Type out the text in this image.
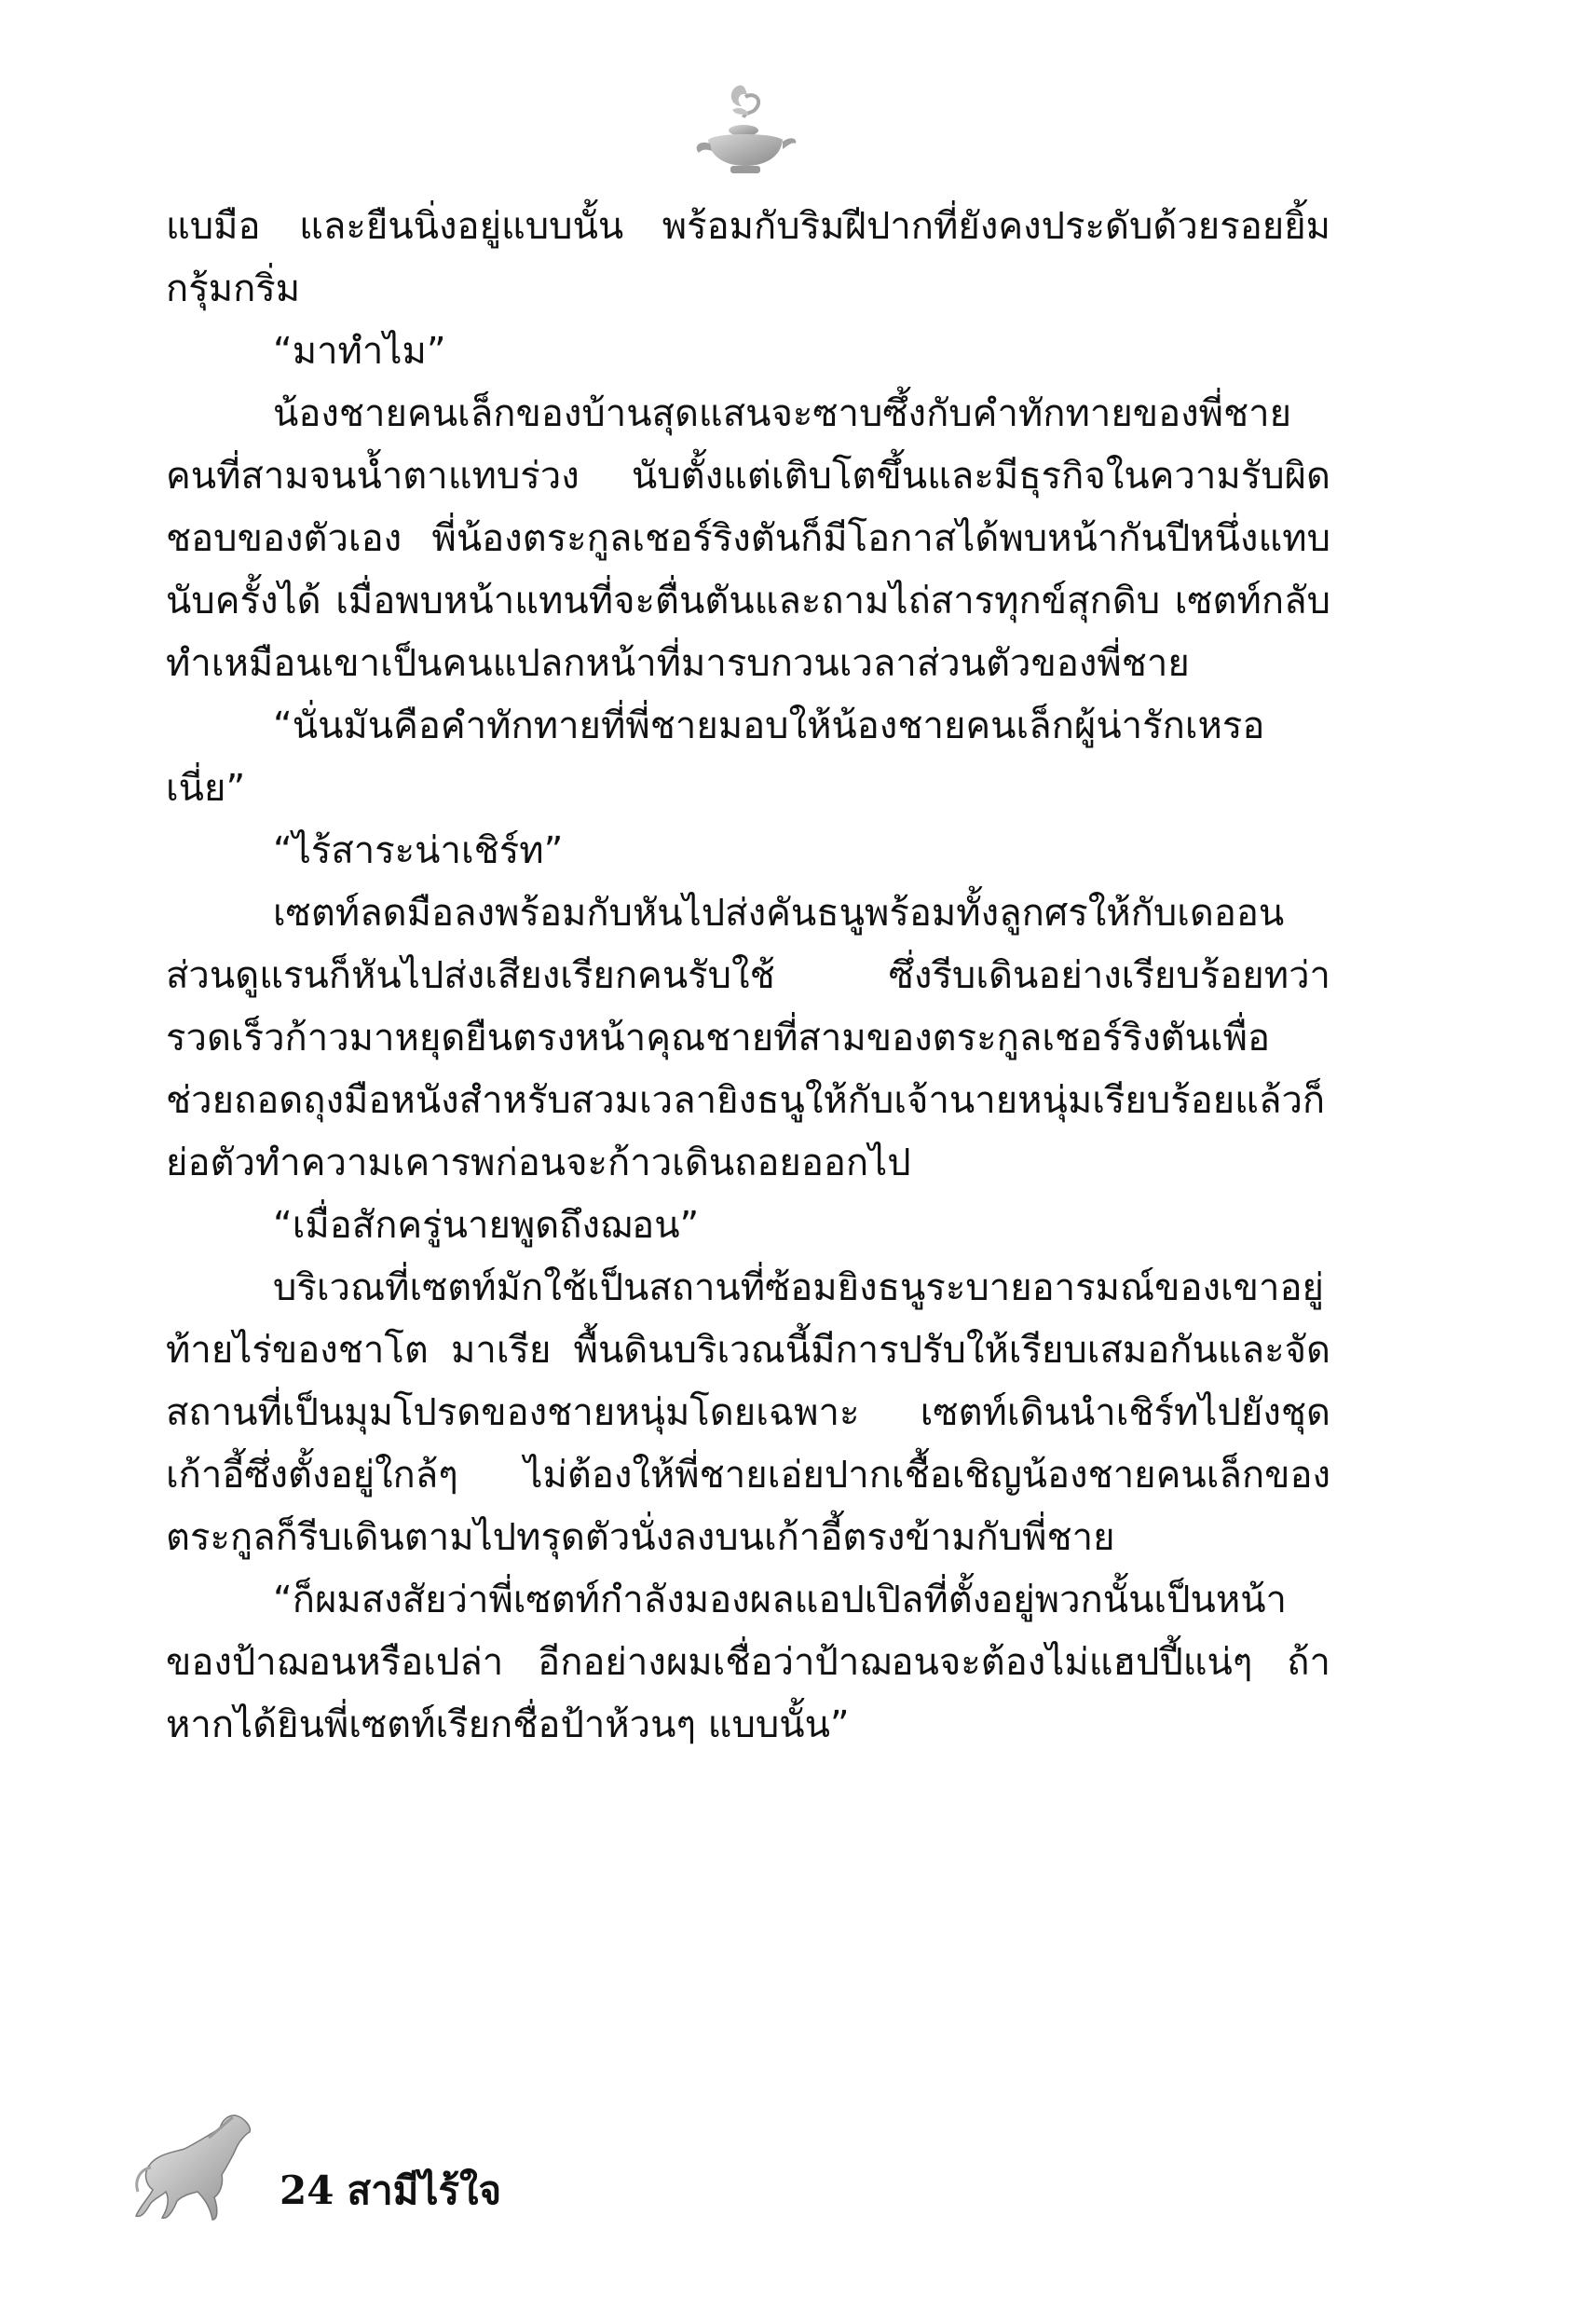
แบมือ และยืนนิ่งอยู่แบบนั้น พร้อมกับริมฝีปากที่ยังคงประดับด้วยรอยยิ้มกรุ้มกริ่ม

“มาทำไม”

น้องชายคนเล็กของบ้านสุดแสนจะซาบซึ้งกับคำทักทายของพี่ชายคนที่สามจนน้ำตาแทบร่วง นับตั้งแต่เติบโตขึ้นและมีธุรกิจในความรับผิดชอบของตัวเอง พี่น้องตระกูลเชอร์ริงตันก็มีโอกาสได้พบหน้ากันปีหนึ่งแทบนับครั้งได้ เมื่อพบหน้าแทนที่จะตื่นตันและถามไถ่สารทุกข์สุกดิบ เซตท์กลับทำเหมือนเขาเป็นคนแปลกหน้าที่มารบกวนเวลาส่วนตัวของพี่ชาย

“นั่นมันคือคำทักทายที่พี่ชายมอบให้น้องชายคนเล็กผู้น่ารักเหรอเนี่ย”

“ไร้สาระน่าเชิร์ท”

เซตท์ลดมือลงพร้อมกับหันไปส่งคันธนูพร้อมทั้งลูกศรให้กับเดออน ส่วนดูแรนก็หันไปส่งเสียงเรียกคนรับใช้ ซึ่งรีบเดินอย่างเรียบร้อยทว่ารวดเร็วก้าวมาหยุดยืนตรงหน้าคุณชายที่สามของตระกูลเชอร์ริงตันเพื่อช่วยถอดถุงมือหนังสำหรับสวมเวลายิงธนูให้กับเจ้านายหนุ่มเรียบร้อยแล้วก็ย่อตัวทำความเคารพก่อนจะก้าวเดินถอยออกไป

“เมื่อสักครู่นายพูดถึงฌอน”

บริเวณที่เซตท์มักใช้เป็นสถานที่ซ้อมยิงธนูระบายอารมณ์ของเขาอยู่ท้ายไร่ของชาโต มาเรีย พื้นดินบริเวณนี้มีการปรับให้เรียบเสมอกันและจัดสถานที่เป็นมุมโปรดของชายหนุ่มโดยเฉพาะ เซตท์เดินนำเชิร์ทไปยังชุดเก้าอี้ซึ่งตั้งอยู่ใกล้ๆ ไม่ต้องให้พี่ชายเอ่ยปากเชื้อเชิญน้องชายคนเล็กของตระกูลก็รีบเดินตามไปทรุดตัวนั่งลงบนเก้าอี้ตรงข้ามกับพี่ชาย

“ก็ผมสงสัยว่าพี่เซตท์กำลังมองผลแอปเปิลที่ตั้งอยู่พวกนั้นเป็นหน้าของป้าฌอนหรือเปล่า อีกอย่างผมเชื่อว่าป้าฌอนจะต้องไม่แฮปปี้แน่ๆ ถ้าหากได้ยินพี่เซตท์เรียกชื่อป้าห้วนๆ แบบนั้น”

24 สามีไร้ใจ
